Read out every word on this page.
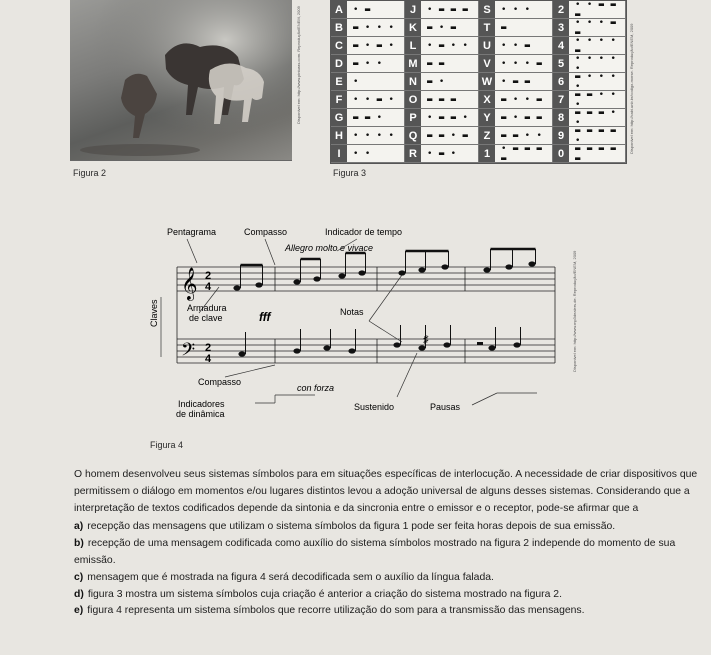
Figura 2
Disponível em: http://www.pinturas.com. Reprodução/ENEM, 2009	A	• ▬	J	• ▬ ▬ ▬	S	• • •	2	• • ▬ ▬ ▬
B	▬ • • •	K	▬ • ▬	T	▬	3	• • • ▬ ▬
C	▬ • ▬ •	L	• ▬ • •	U	• • ▬	4	• • • • ▬
D	▬ • •	M	▬ ▬	V	• • • ▬	5	• • • • •
E	•	N	▬ •	W • ▬ ▬	6	▬ • • • •
F	• • ▬ •	O	▬ ▬ ▬	X	▬ • • ▬	7	▬ ▬ • • •
G	▬ ▬ •	P	• ▬ ▬ •	Y	▬ • ▬ ▬	8	▬ ▬ ▬ • •
H	• • • •	Q	▬ ▬ • ▬	Z	▬ ▬ • •	9	▬ ▬ ▬ ▬ •
I	• •	R	• ▬ •	1	• ▬ ▬ ▬ ▬	0	▬ ▬ ▬ ▬ ▬
Figura 3
Disponível em: http://cabi.unb.br/codigo-morse. Reprodução/ENEM, 2009
𝄞
𝄢
2
4
2
4
♯
Pentagrama	Compasso	Indicador de tempo
Allegro molto e vivace
Claves	Armadura
de clave	fff	Notas
Compasso
con forza
Indicadores
de dinâmica
Sustenido	Pausas
Figura 4
Disponível em: http://www.mp3dealers.de. Reprodução/ENEM, 2009

O homem desenvolveu seus sistemas símbolos para em situações específicas de interlocução. A necessidade de criar dispositivos que permitissem o diálogo em momentos e/ou lugares distintos levou a adoção universal de alguns desses sistemas. Considerando que a interpretação de textos codificados depende da sintonia e da sincronia entre o emissor e o receptor, pode-se afirmar que a

a) recepção das mensagens que utilizam o sistema símbolos da figura 1 pode ser feita horas depois de sua emissão.

b) recepção de uma mensagem codificada como auxílio do sistema símbolos mostrado na figura 2 independe do momento de sua emissão.

c) mensagem que é mostrada na figura 4 será decodificada sem o auxílio da língua falada.

d) figura 3 mostra um sistema símbolos cuja criação é anterior a criação do sistema mostrado na figura 2.

e) figura 4 representa um sistema símbolos que recorre utilização do som para a transmissão das mensagens.
